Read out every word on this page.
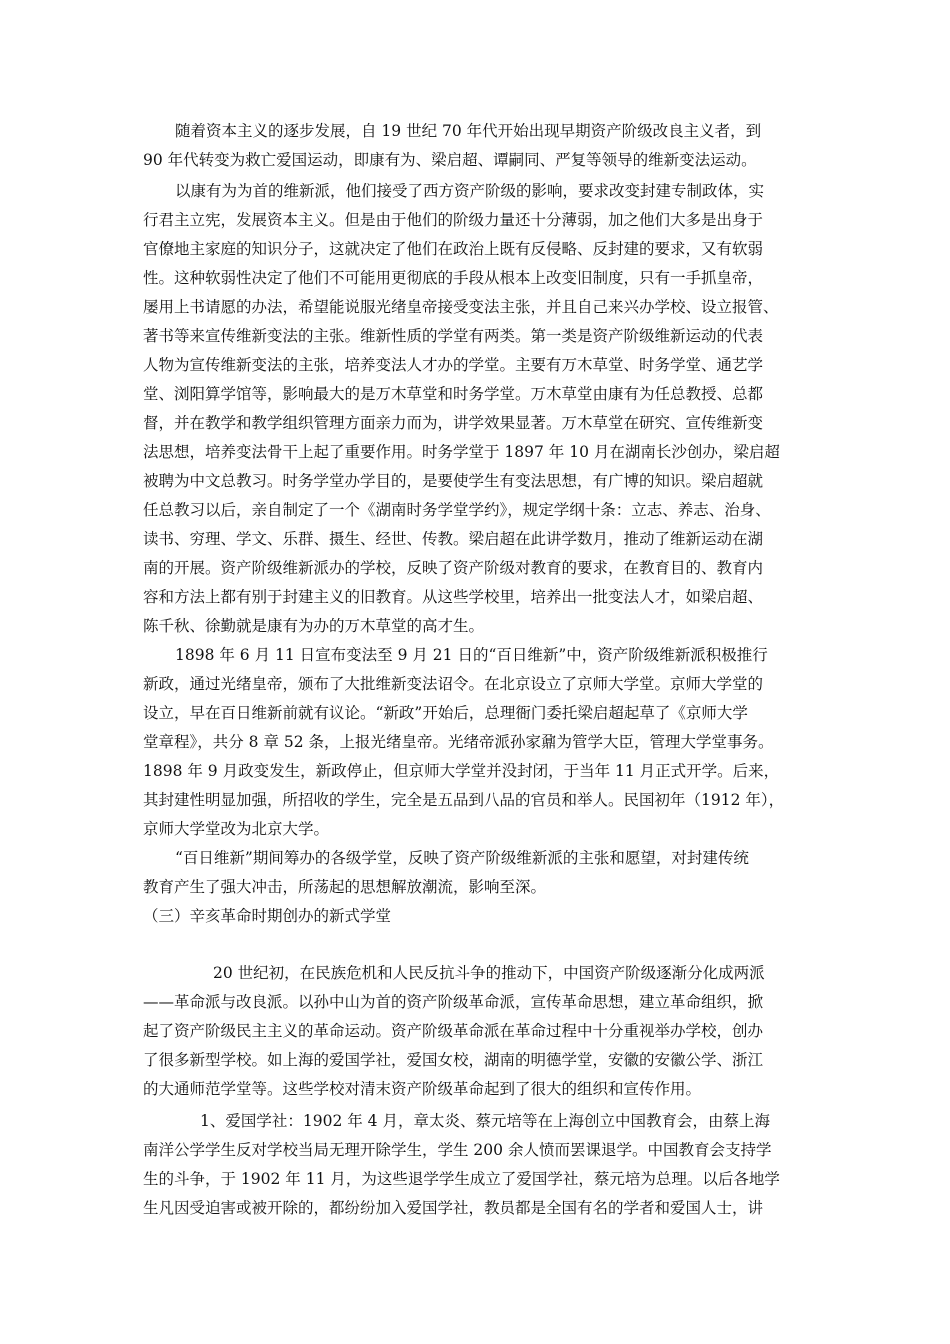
随着资本主义的逐步发展，自 19 世纪 70 年代开始出现早期资产阶级改良主义者，到
90 年代转变为救亡爱国运动，即康有为、梁启超、谭嗣同、严复等领导的维新变法运动。
以康有为为首的维新派，他们接受了西方资产阶级的影响，要求改变封建专制政体，实
行君主立宪，发展资本主义。但是由于他们的阶级力量还十分薄弱，加之他们大多是出身于
官僚地主家庭的知识分子，这就决定了他们在政治上既有反侵略、反封建的要求，又有软弱
性。这种软弱性决定了他们不可能用更彻底的手段从根本上改变旧制度，只有一手抓皇帝，
屡用上书请愿的办法，希望能说服光绪皇帝接受变法主张，并且自己来兴办学校、设立报管、
著书等来宣传维新变法的主张。维新性质的学堂有两类。第一类是资产阶级维新运动的代表
人物为宣传维新变法的主张，培养变法人才办的学堂。主要有万木草堂、时务学堂、通艺学
堂、浏阳算学馆等，影响最大的是万木草堂和时务学堂。万木草堂由康有为任总教授、总都
督，并在教学和教学组织管理方面亲力而为，讲学效果显著。万木草堂在研究、宣传维新变
法思想，培养变法骨干上起了重要作用。时务学堂于 1897 年 10 月在湖南长沙创办，梁启超
被聘为中文总教习。时务学堂办学目的，是要使学生有变法思想，有广博的知识。梁启超就
任总教习以后，亲自制定了一个《湖南时务学堂学约》，规定学纲十条：立志、养志、治身、
读书、穷理、学文、乐群、摄生、经世、传教。梁启超在此讲学数月，推动了维新运动在湖
南的开展。资产阶级维新派办的学校，反映了资产阶级对教育的要求，在教育目的、教育内
容和方法上都有别于封建主义的旧教育。从这些学校里，培养出一批变法人才，如梁启超、
陈千秋、徐勤就是康有为办的万木草堂的高才生。
1898 年 6 月 11 日宣布变法至 9 月 21 日的“百日维新”中，资产阶级维新派积极推行
新政，通过光绪皇帝，颁布了大批维新变法诏令。在北京设立了京师大学堂。京师大学堂的
设立，早在百日维新前就有议论。“新政”开始后，总理衙门委托梁启超起草了《京师大学
堂章程》，共分 8 章 52 条，上报光绪皇帝。光绪帝派孙家鼐为管学大臣，管理大学堂事务。
1898 年 9 月政变发生，新政停止，但京师大学堂并没封闭，于当年 11 月正式开学。后来，
其封建性明显加强，所招收的学生，完全是五品到八品的官员和举人。民国初年（1912 年），
京师大学堂改为北京大学。
“百日维新”期间筹办的各级学堂，反映了资产阶级维新派的主张和愿望，对封建传统
教育产生了强大冲击，所荡起的思想解放潮流，影响至深。
（三）辛亥革命时期创办的新式学堂
20 世纪初，在民族危机和人民反抗斗争的推动下，中国资产阶级逐渐分化成两派
——革命派与改良派。以孙中山为首的资产阶级革命派，宣传革命思想，建立革命组织，掀
起了资产阶级民主主义的革命运动。资产阶级革命派在革命过程中十分重视举办学校，创办
了很多新型学校。如上海的爱国学社，爱国女校，湖南的明德学堂，安徽的安徽公学、浙江
的大通师范学堂等。这些学校对清末资产阶级革命起到了很大的组织和宣传作用。
1、爱国学社：1902 年 4 月，章太炎、蔡元培等在上海创立中国教育会，由蔡上海
南洋公学学生反对学校当局无理开除学生，学生 200 余人愤而罢课退学。中国教育会支持学
生的斗争，于 1902 年 11 月，为这些退学学生成立了爱国学社，蔡元培为总理。以后各地学
生凡因受迫害或被开除的，都纷纷加入爱国学社，教员都是全国有名的学者和爱国人士，讲
